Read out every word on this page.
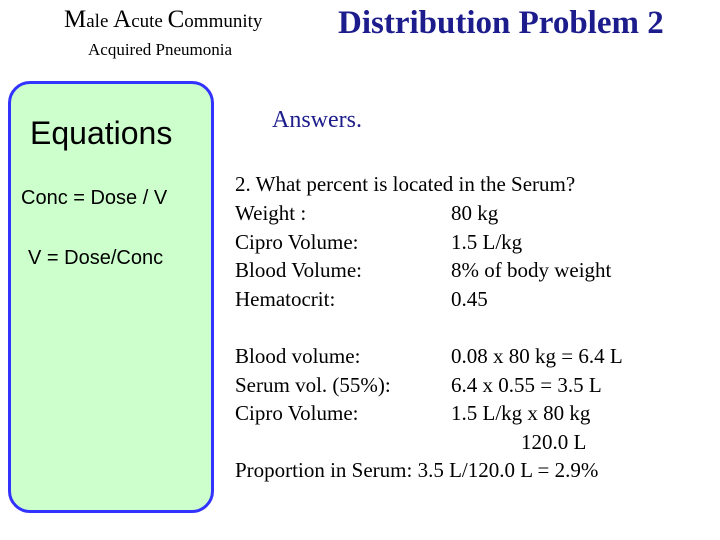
Male Acute Community
Acquired Pneumonia
Distribution Problem 2
Equations
Conc = Dose / V
V = Dose/Conc
Answers.
2. What percent is located in the Serum?
Weight :	80 kg
Cipro Volume:	1.5 L/kg
Blood Volume:	8% of body weight
Hematocrit:	0.45
Blood volume:	0.08 x 80 kg = 6.4 L
Serum vol. (55%):	6.4 x 0.55 = 3.5 L
Cipro Volume:	1.5 L/kg x 80 kg
120.0 L
Proportion in Serum: 3.5 L/120.0 L = 2.9%
